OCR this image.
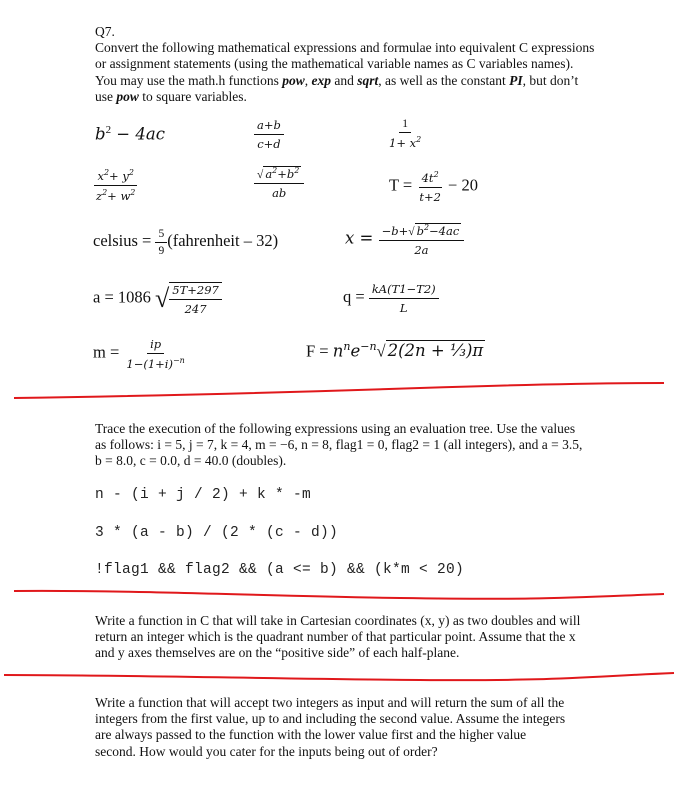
Q7.
Convert the following mathematical expressions and formulae into equivalent C expressions or assignment statements (using the mathematical variable names as C variables names). You may use the math.h functions pow, exp and sqrt, as well as the constant PI, but don’t use pow to square variables.
$b^2 - 4ac$	$\frac{a+b}{c+d}$	$\frac{1}{1+ x^2}$
$\frac{x^2+ y^2}{z^2+ w^2}$	$\frac{√ a^2+b^2}{ab}$	$T = \frac{4t^2}{t+2} - 20$
celsius = $\frac{5}{9}$ (fahrenheit – 32)	$x = \frac{-b+√ b^2-4ac}{2a}$
a = 1086 √ $\frac{5T+297}{247}$	$q = \frac{kA(T1-T2)}{L}$
$m = \frac{ip}{1-(1+i)^{-n}}$	$F = n^ne^{-n}√$ 2(2n + ⅓)π
Trace the execution of the following expressions using an evaluation tree. Use the values as follows: i = 5, j = 7, k = 4, m = −6, n = 8, flag1 = 0, flag2 = 1 (all integers), and a = 3.5, b = 8.0, c = 0.0, d = 40.0 (doubles).
n - (i + j / 2) + k * -m
3 * (a - b) / (2 * (c - d))
!flag1 && flag2 && (a <= b) && (k*m < 20)
Write a function in C that will take in Cartesian coordinates (x, y) as two doubles and will return an integer which is the quadrant number of that particular point. Assume that the x and y axes themselves are on the “positive side” of each half-plane.
Write a function that will accept two integers as input and will return the sum of all the integers from the first value, up to and including the second value. Assume the integers are always passed to the function with the lower value first and the higher value second. How would you cater for the inputs being out of order?
